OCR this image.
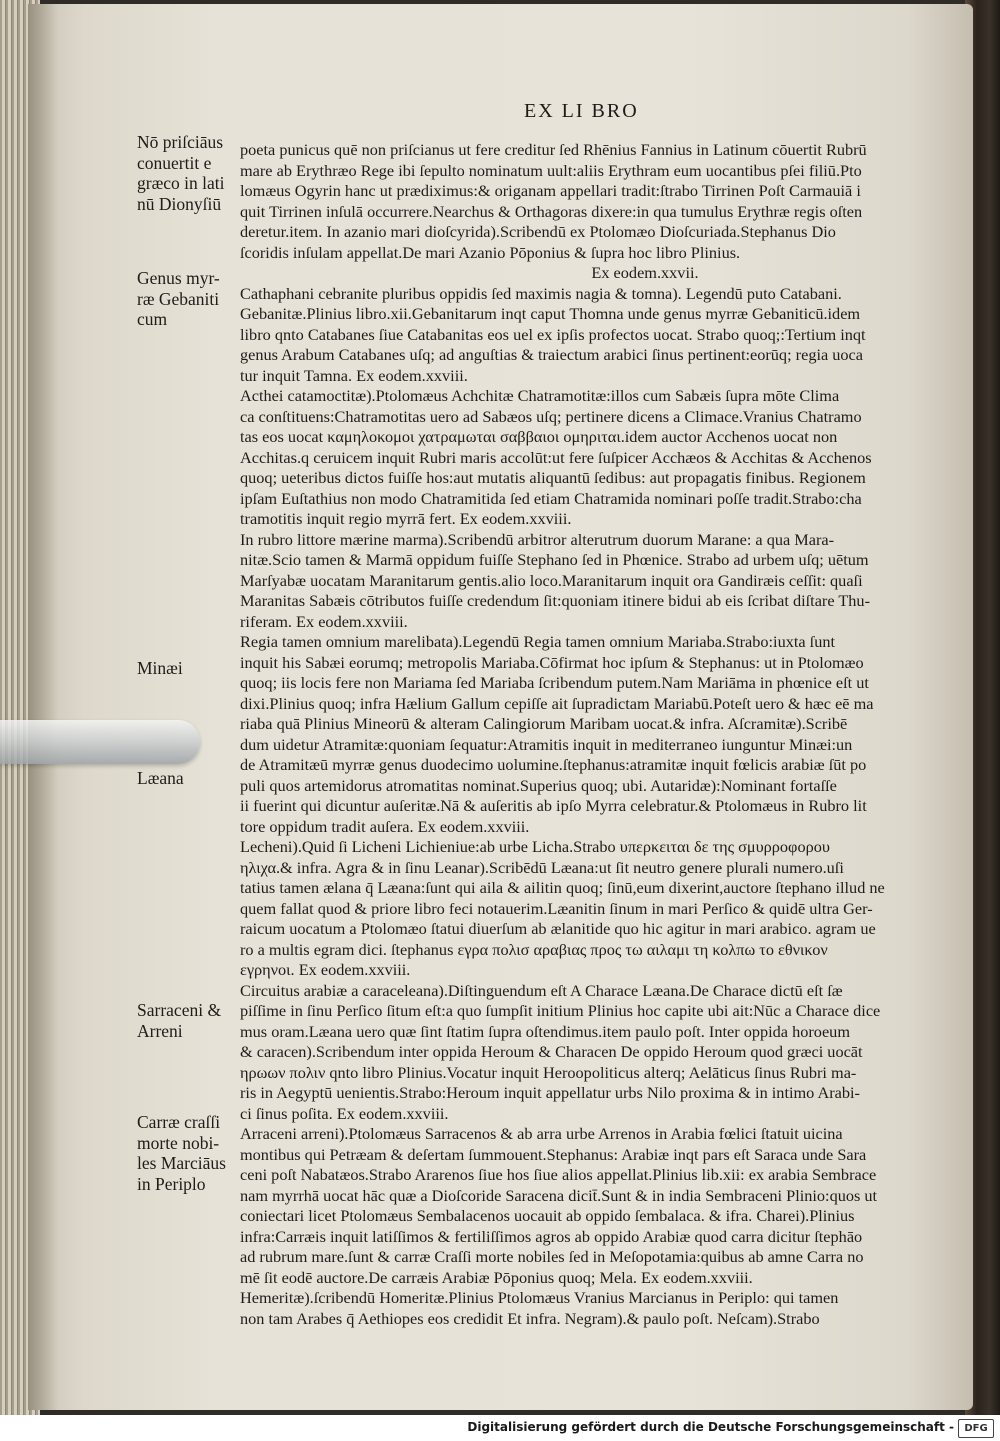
EX LI BRO
Nō priſciāus
conuertit e
græco in lati
nū Dionyſiū
Genus myr-
ræ Gebaniti
cum
Minæi
Læana
Sarraceni &
Arreni
Carræ craſſi
morte nobi-
les Marciāus
in Periplo
poeta punicus quē non priſcianus ut fere creditur ſed Rhēnius Fannius in Latinum cōuertit Rubrū
mare ab Erythræo Rege ibi ſepulto nominatum uult:aliis Erythram eum uocantibus pſei filiū.Pto
lomæus Ogyrin hanc ut prædiximus:& origanam appellari tradit:ſtrabo Tirrinen Poſt Carmauiā i
quit Tirrinen inſulā occurrere.Nearchus & Orthagoras dixere:in qua tumulus Erythræ regis oſten
deretur.item. In azanio mari dioſcyrida).Scribendū ex Ptolomæo Dioſcuriada.Stephanus Dio
ſcoridis inſulam appellat.De mari Azanio Pōponius & ſupra hoc libro Plinius.
Ex eodem.xxvii.
Cathaphani cebranite pluribus oppidis ſed maximis nagia & tomna). Legendū puto Catabani.
Gebanitæ.Plinius libro.xii.Gebanitarum inqt caput Thomna unde genus myrræ Gebaniticū.idem
libro qnto Catabanes ſiue Catabanitas eos uel ex ipſis profectos uocat. Strabo quoq;:Tertium inqt
genus Arabum Catabanes uſq; ad anguſtias & traiectum arabici ſinus pertinent:eorūq; regia uoca
tur inquit Tamna. Ex eodem.xxviii.
Acthei catamoctitæ).Ptolomæus Achchitæ Chatramotitæ:illos cum Sabæis ſupra mōte Clima
ca conſtituens:Chatramotitas uero ad Sabæos uſq; pertinere dicens a Climace.Vranius Chatramo
tas eos uocat καμηλοκομοι χατραμωται σαββαιοι ομηριται.idem auctor Acchenos uocat non
Acchitas.q ceruicem inquit Rubri maris accolūt:ut fere ſuſpicer Acchæos & Acchitas & Acchenos
quoq; ueteribus dictos fuiſſe hos:aut mutatis aliquantū ſedibus: aut propagatis finibus. Regionem
ipſam Euſtathius non modo Chatramitida ſed etiam Chatramida nominari poſſe tradit.Strabo:cha
tramotitis inquit regio myrrā fert. Ex eodem.xxviii.
In rubro littore mærine marma).Scribendū arbitror alterutrum duorum Marane: a qua Mara-
nitæ.Scio tamen & Marmā oppidum fuiſſe Stephano ſed in Phœnice. Strabo ad urbem uſq; uētum
Marſyabæ uocatam Maranitarum gentis.alio loco.Maranitarum inquit ora Gandiræis ceſſit: quaſi
Maranitas Sabæis cōtributos fuiſſe credendum ſit:quoniam itinere bidui ab eis ſcribat diſtare Thu-
riferam. Ex eodem.xxviii.
Regia tamen omnium marelibata).Legendū Regia tamen omnium Mariaba.Strabo:iuxta ſunt
inquit his Sabæi eorumq; metropolis Mariaba.Cōfirmat hoc ipſum & Stephanus: ut in Ptolomæo
quoq; iis locis fere non Mariama ſed Mariaba ſcribendum putem.Nam Mariāma in phœnice eſt ut
dixi.Plinius quoq; infra Hælium Gallum cepiſſe ait ſupradictam Mariabū.Poteſt uero & hæc eē ma
riaba quā Plinius Mineorū & alteram Calingiorum Maribam uocat.& infra. Aſcramitæ).Scribē
dum uidetur Atramitæ:quoniam ſequatur:Atramitis inquit in mediterraneo iunguntur Minæi:un
de Atramitæū myrræ genus duodecimo uolumine.ſtephanus:atramitæ inquit fœlicis arabiæ ſūt po
puli quos artemidorus atromatitas nominat.Superius quoq; ubi. Autaridæ):Nominant fortaſſe
ii fuerint qui dicuntur auſeritæ.Nā & auſeritis ab ipſo Myrra celebratur.& Ptolomæus in Rubro lit
tore oppidum tradit auſera. Ex eodem.xxviii.
Lecheni).Quid ſi Licheni Lichieniue:ab urbe Licha.Strabo υπερκειται δε της σμυρροφορου
ηλιχα.& infra. Agra & in ſinu Leanar).Scribēdū Læana:ut ſit neutro genere plurali numero.uſi
tatius tamen ælana q̄ Læana:ſunt qui aila & ailitin quoq; ſinū,eum dixerint,auctore ſtephano illud ne
quem fallat quod & priore libro feci notauerim.Læanitin ſinum in mari Perſico & quidē ultra Ger-
raicum uocatum a Ptolomæo ſtatui diuerſum ab ælanitide quo hic agitur in mari arabico. agram ue
ro a multis egram dici. ſtephanus εγρα πολισ αραβιας προς τω αιλαμι τη κολπω το εθνικον
εγρηνοι. Ex eodem.xxviii.
Circuitus arabiæ a caraceleana).Diſtinguendum eſt A Charace Læana.De Charace dictū eſt ſæ
piſſime in ſinu Perſico ſitum eſt:a quo ſumpſit initium Plinius hoc capite ubi ait:Nūc a Charace dice
mus oram.Læana uero quæ ſint ſtatim ſupra oſtendimus.item paulo poſt. Inter oppida horoeum
& caracen).Scribendum inter oppida Heroum & Characen De oppido Heroum quod græci uocāt
ηρωων πολιν qnto libro Plinius.Vocatur inquit Heroopoliticus alterq; Aelāticus ſinus Rubri ma-
ris in Aegyptū uenientis.Strabo:Heroum inquit appellatur urbs Nilo proxima & in intimo Arabi-
ci ſinus poſita. Ex eodem.xxviii.
Arraceni arreni).Ptolomæus Sarracenos & ab arra urbe Arrenos in Arabia fœlici ſtatuit uicina
montibus qui Petræam & deſertam ſummouent.Stephanus: Arabiæ inqt pars eſt Saraca unde Sara
ceni poſt Nabatæos.Strabo Ararenos ſiue hos ſiue alios appellat.Plinius lib.xii: ex arabia Sembrace
nam myrrhā uocat hāc quæ a Dioſcoride Saracena dicit̄.Sunt & in india Sembraceni Plinio:quos ut
coniectari licet Ptolomæus Sembalacenos uocauit ab oppido ſembalaca. & ifra. Charei).Plinius
infra:Carræis inquit latiſſimos & fertiliſſimos agros ab oppido Arabiæ quod carra dicitur ſtephāo
ad rubrum mare.ſunt & carræ Craſſi morte nobiles ſed in Meſopotamia:quibus ab amne Carra no
mē ſit eodē auctore.De carræis Arabiæ Pōponius quoq; Mela. Ex eodem.xxviii.
Hemeritæ).ſcribendū Homeritæ.Plinius Ptolomæus Vranius Marcianus in Periplo: qui tamen
non tam Arabes q̄ Aethiopes eos credidit Et infra. Negram).& paulo poſt. Neſcam).Strabo
Digitalisierung gefördert durch die Deutsche Forschungsgemeinschaft -	DFG
